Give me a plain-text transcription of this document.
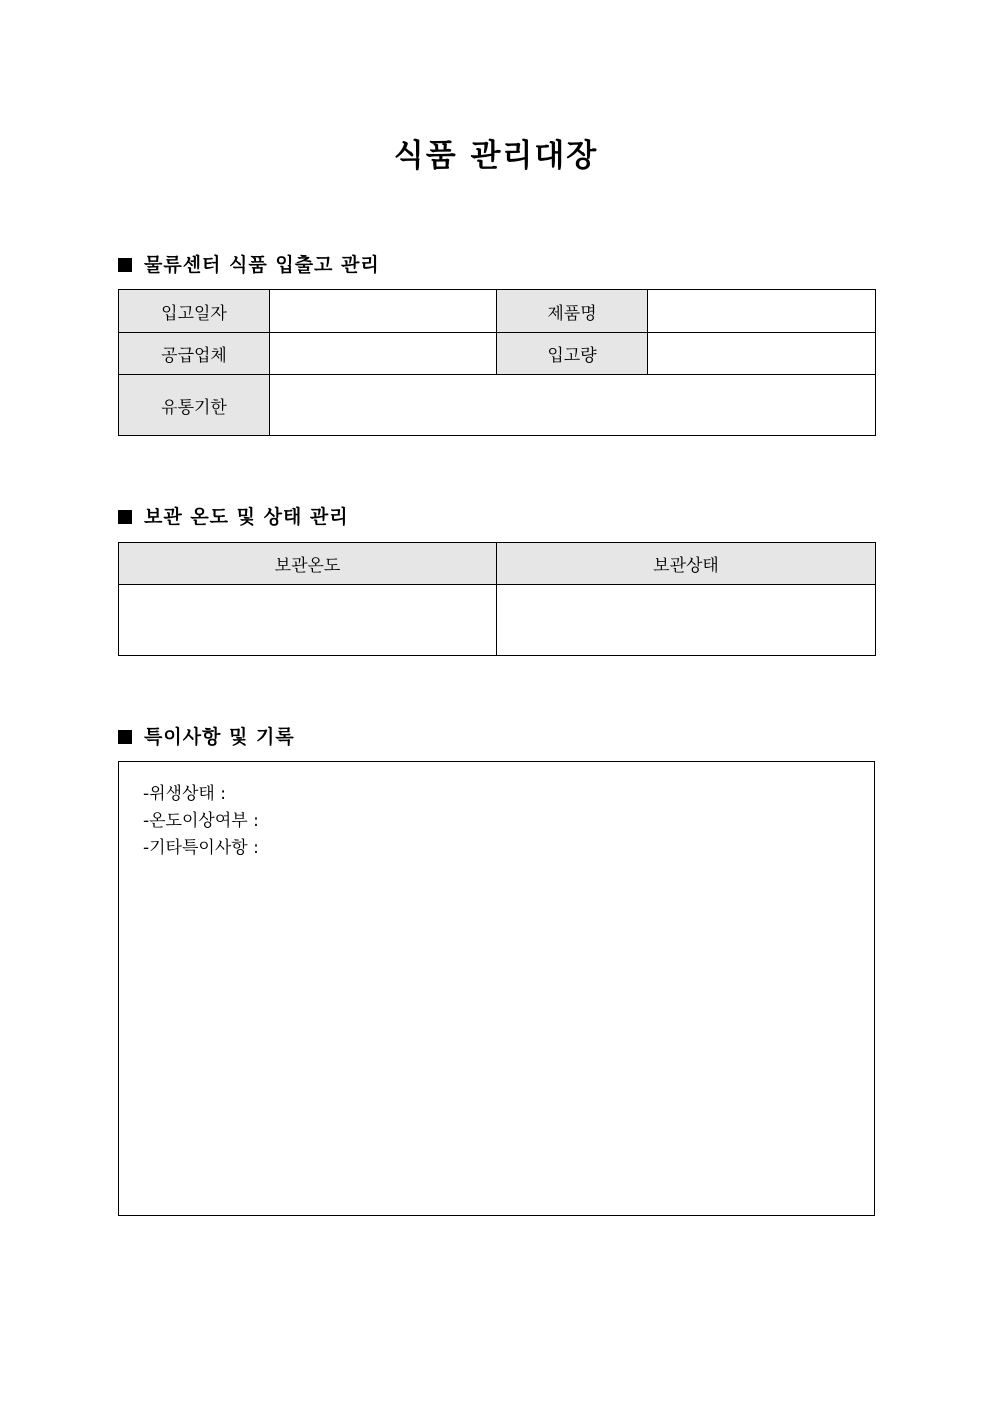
식품 관리대장
물류센터 식품 입출고 관리
입고일자		제품명	
공급업체		입고량	
유통기한			
보관 온도 및 상태 관리
보관온도	보관상태

특이사항 및 기록
-위생상태 :
-온도이상여부 :
-기타특이사항 :
